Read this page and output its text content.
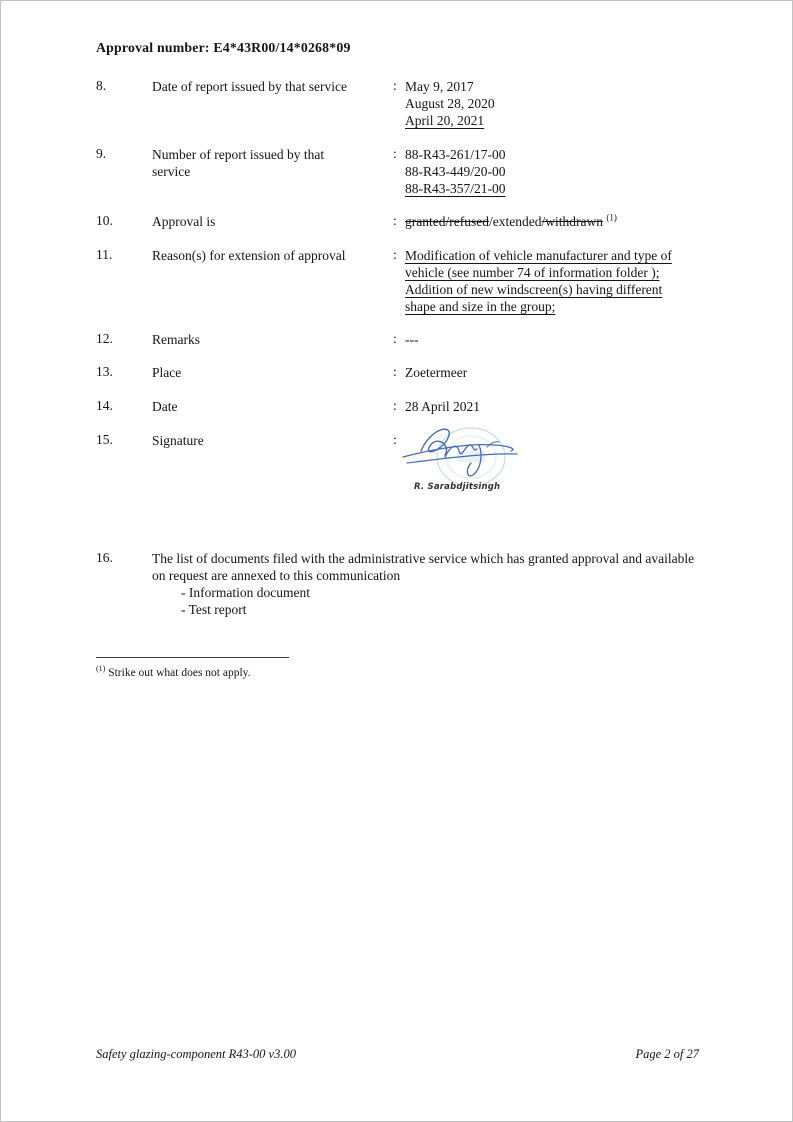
Approval number: E4*43R00/14*0268*09
8.	Date of report issued by that service	: May 9, 2017
August 28, 2020
April 20, 2021
9.	Number of report issued by that service
: 88-R43-261/17-00
88-R43-449/20-00
88-R43-357/21-00
10.	Approval is	: granted/refused/extended/withdrawn $^{(1)}$
11.	Reason(s) for extension of approval	: Modification of vehicle manufacturer and type of
vehicle (see number 74 of information folder );
Addition of new windscreen(s) having different
shape and size in the group;
12.	Remarks	: ---
13.	Place	: Zoetermeer
14.	Date	: 28 April 2021
15.	Signature	:
R. Sarabdjitsingh
16.	The list of documents filed with the administrative service which has granted approval and available on request are annexed to this communication
- Information document
- Test report
$^{(1)}$ Strike out what does not apply.
Safety glazing-component R43-00 v3.00	Page 2 of 27
